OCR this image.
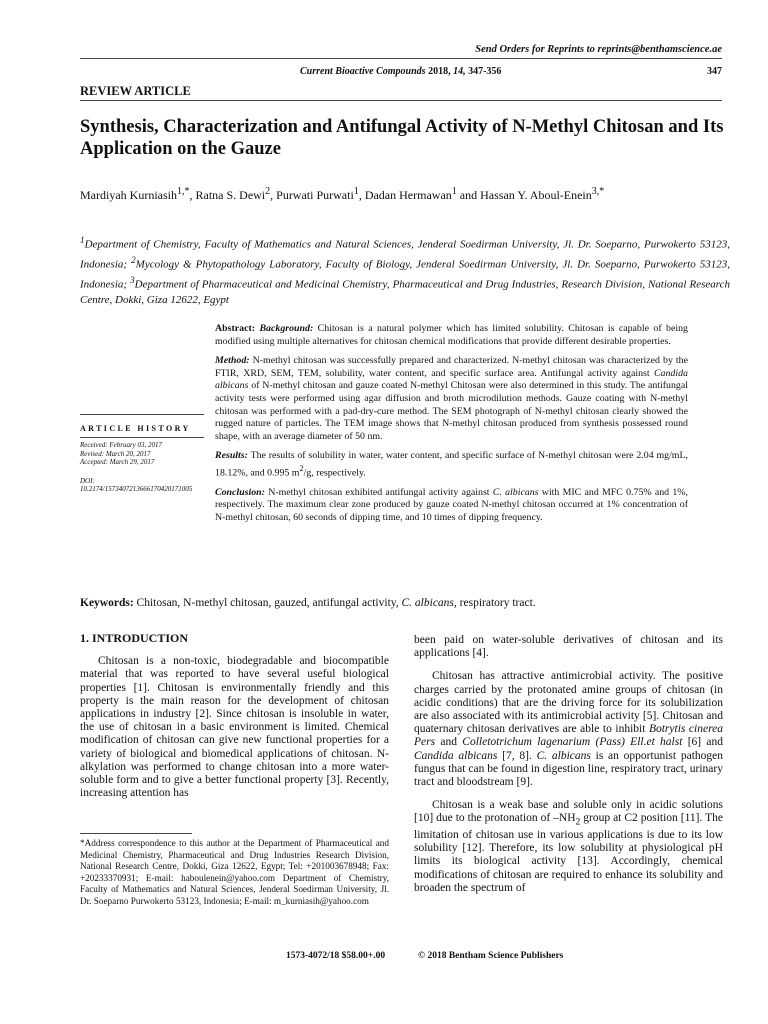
Send Orders for Reprints to reprints@benthamscience.ae
Current Bioactive Compounds 2018, 14, 347-356	347
REVIEW ARTICLE
Synthesis, Characterization and Antifungal Activity of N-Methyl Chitosan and Its Application on the Gauze
Mardiyah Kurniasih$^{1,*}$, Ratna S. Dewi$^2$, Purwati Purwati$^1$, Dadan Hermawan$^1$ and Hassan Y. Aboul-Enein$^{3,*}$
$^1$Department of Chemistry, Faculty of Mathematics and Natural Sciences, Jenderal Soedirman University, Jl. Dr. Soeparno, Purwokerto 53123, Indonesia; $^2$Mycology & Phytopathology Laboratory, Faculty of Biology, Jenderal Soedirman University, Jl. Dr. Soeparno, Purwokerto 53123, Indonesia; $^3$Department of Pharmaceutical and Medicinal Chemistry, Pharmaceutical and Drug Industries, Research Division, National Research Centre, Dokki, Giza 12622, Egypt

Abstract: Background: Chitosan is a natural polymer which has limited solubility. Chitosan is capable of being modified using multiple alternatives for chitosan chemical modifications that provide different desirable properties.

Method: N-methyl chitosan was successfully prepared and characterized. N-methyl chitosan was characterized by the FTIR, XRD, SEM, TEM, solubility, water content, and specific surface area. Antifungal activity against Candida albicans of N-methyl chitosan and gauze coated N-methyl Chitosan were also determined in this study. The antifungal activity tests were performed using agar diffusion and broth microdilution methods. Gauze coating with N-methyl chitosan was performed with a pad-dry-cure method. The SEM photograph of N-methyl chitosan clearly showed the rugged nature of particles. The TEM image shows that N-methyl chitosan produced from synthesis possessed round shape, with an average diameter of 50 nm.

Results: The results of solubility in water, water content, and specific surface of N-methyl chitosan were 2.04 mg/mL, 18.12%, and 0.995 $m^2/g$, respectively.

Conclusion: N-methyl chitosan exhibited antifungal activity against C. albicans with MIC and MFC 0.75% and 1%, respectively. The maximum clear zone produced by gauze coated N-methyl chitosan occurred at 1% concentration of N-methyl chitosan, 60 seconds of dipping time, and 10 times of dipping frequency.

ARTICLE HISTORY
Received: February 03, 2017
Revised: March 20, 2017
Accepted: March 29, 2017
DOI:
10.2174/1573407213666170420171005
Keywords: Chitosan, N-methyl chitosan, gauzed, antifungal activity, C. albicans, respiratory tract.

1. INTRODUCTION

Chitosan is a non-toxic, biodegradable and biocompatible material that was reported to have several useful biological properties [1]. Chitosan is environmentally friendly and this property is the main reason for the development of chitosan applications in industry [2]. Since chitosan is insoluble in water, the use of chitosan in a basic environment is limited. Chemical modification of chitosan can give new functional properties for a variety of biological and biomedical applications of chitosan. N-alkylation was performed to change chitosan into a more water-soluble form and to give a better functional property [3]. Recently, increasing attention has

been paid on water-soluble derivatives of chitosan and its applications [4].

Chitosan has attractive antimicrobial activity. The positive charges carried by the protonated amine groups of chitosan (in acidic conditions) that are the driving force for its solubilization are also associated with its antimicrobial activity [5]. Chitosan and quaternary chitosan derivatives are able to inhibit Botrytis cinerea Pers and Colletotrichum lagenarium (Pass) Ell.et halst [6] and Candida albicans [7, 8]. C. albicans is an opportunist pathogen fungus that can be found in digestion line, respiratory tract, urinary tract and bloodstream [9].

Chitosan is a weak base and soluble only in acidic solutions [10] due to the protonation of $-NH_2$ group at C2 position [11]. The limitation of chitosan use in various applications is due to its low solubility [12]. Therefore, its low solubility at physiological pH limits its biological activity [13]. Accordingly, chemical modifications of chitosan are required to enhance its solubility and broaden the spectrum of

*Address correspondence to this author at the Department of Pharmaceutical and Medicinal Chemistry, Pharmaceutical and Drug Industries Research Division, National Research Centre, Dokki, Giza 12622, Egypt; Tel: +201003678948; Fax: +20233370931; E-mail: haboulenein@yahoo.com Department of Chemistry, Faculty of Mathematics and Natural Sciences, Jenderal Soedirman University, Jl. Dr. Soeparno Purwokerto 53123, Indonesia; E-mail: m_kurniasih@yahoo.com
1573-4072/18 $58.00+.00	© 2018 Bentham Science Publishers
